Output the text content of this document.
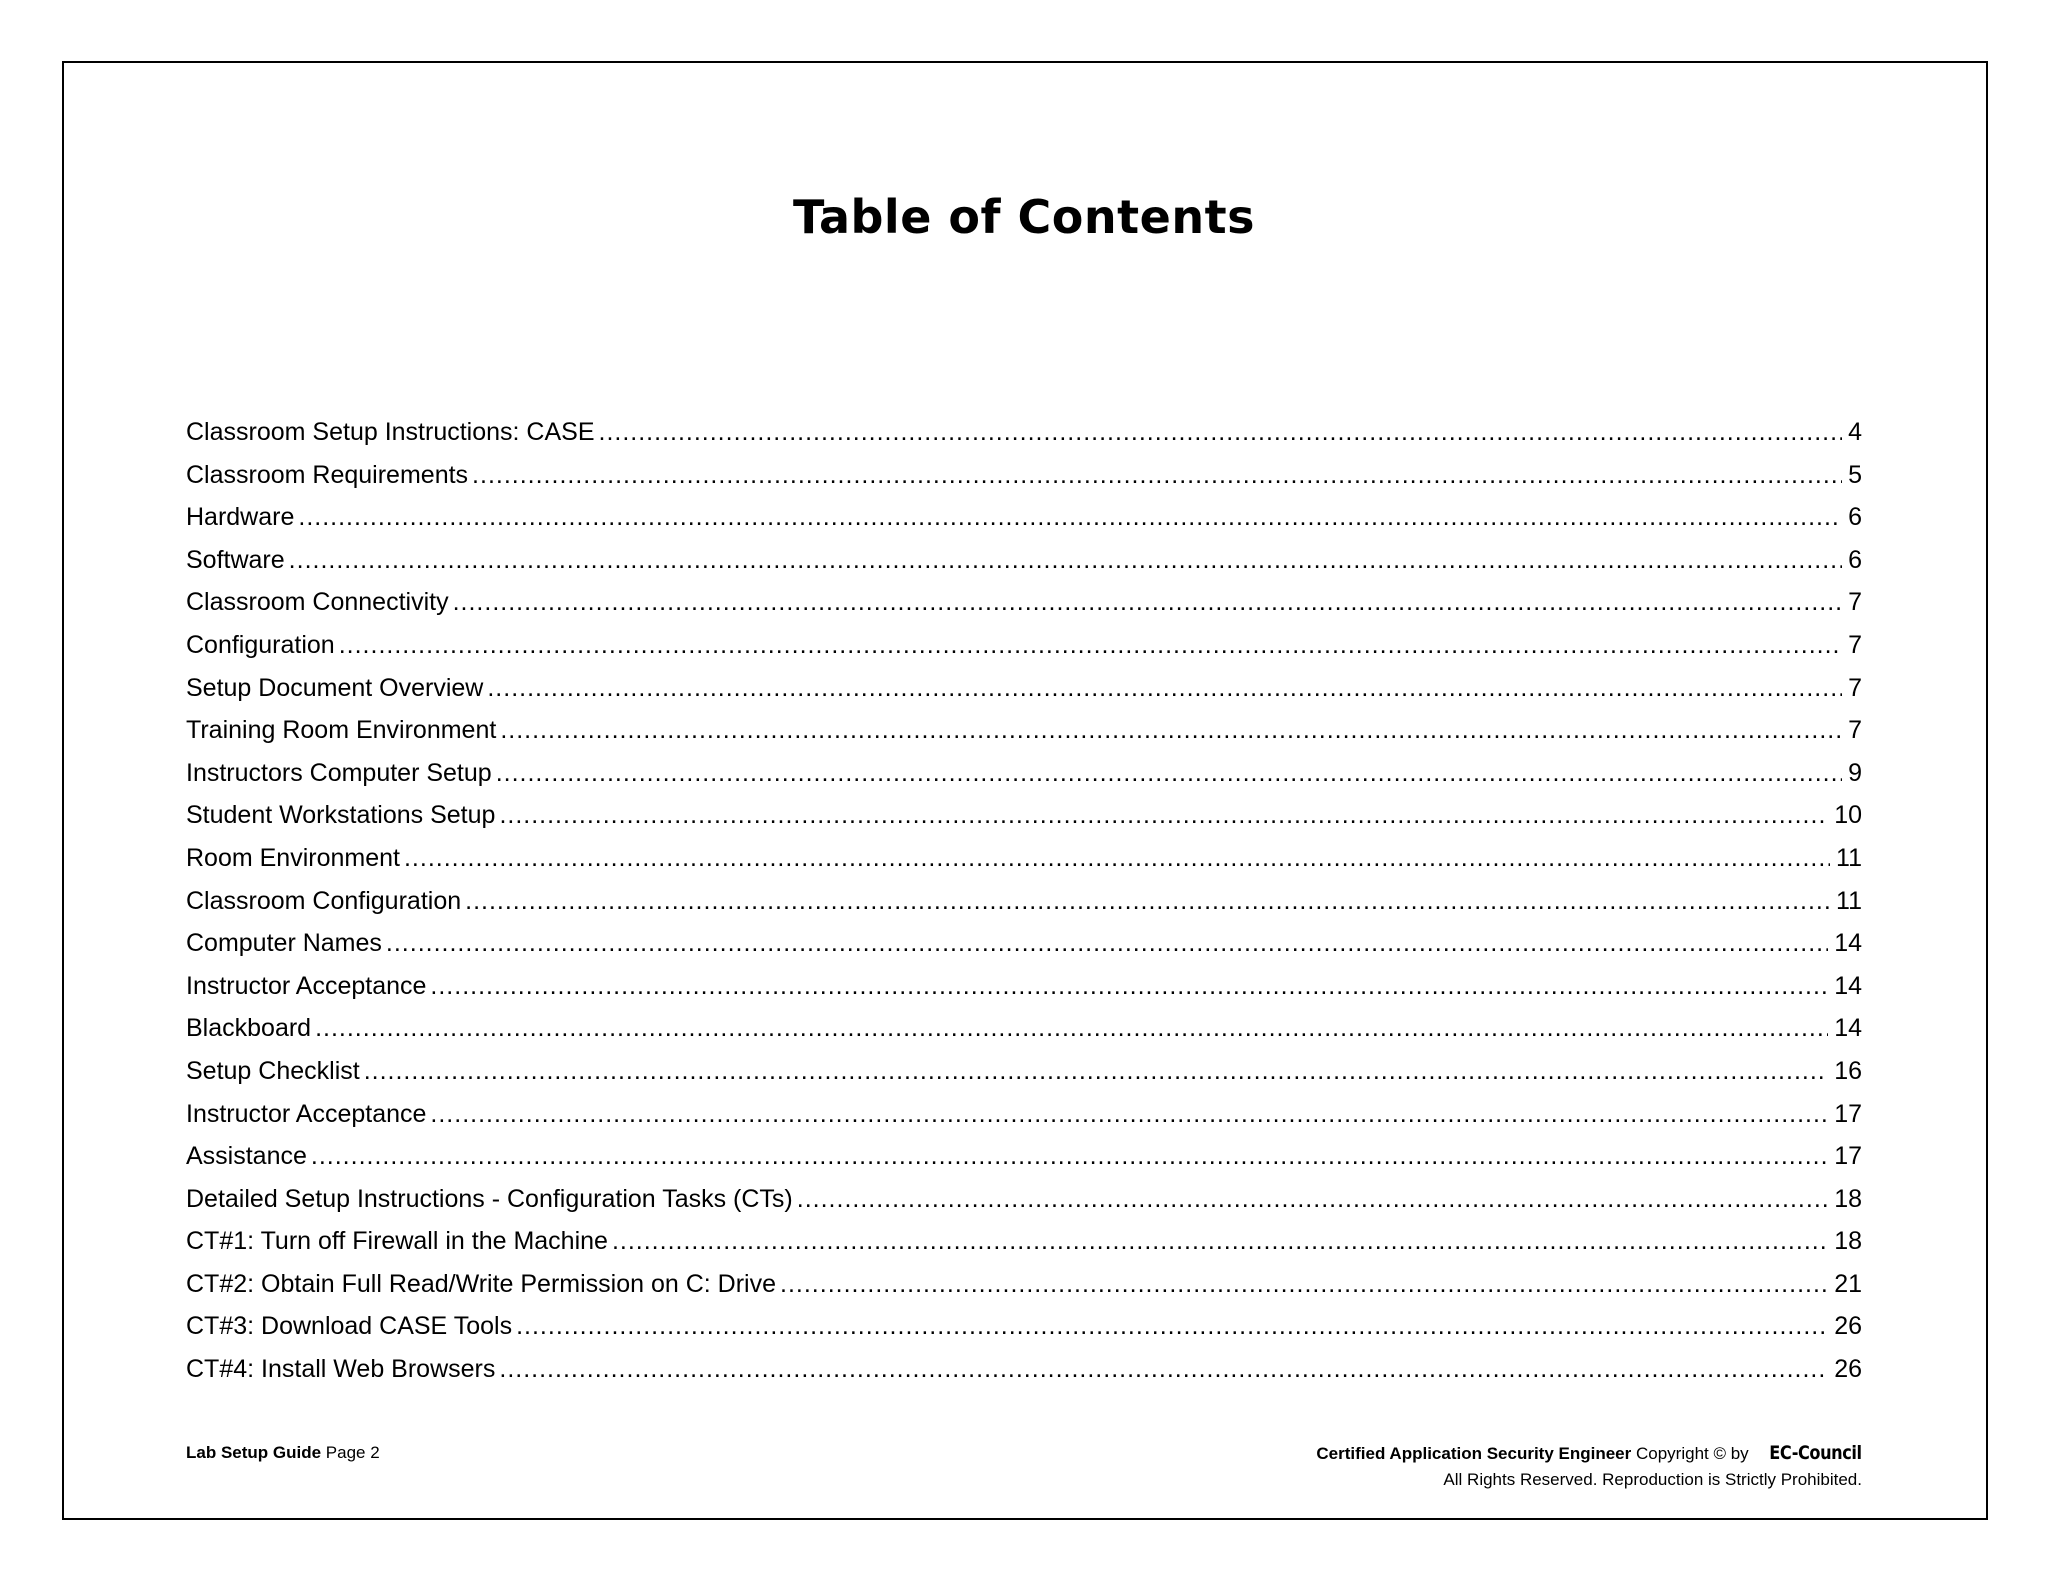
Table of Contents
Classroom Setup Instructions: CASE .....	4
Classroom Requirements .....	5
Hardware .....	6
Software .....	6
Classroom Connectivity .....	7
Configuration .....	7
Setup Document Overview .....	7
Training Room Environment .....	7
Instructors Computer Setup .....	9
Student Workstations Setup .....	10
Room Environment .....	11
Classroom Configuration .....	11
Computer Names .....	14
Instructor Acceptance .....	14
Blackboard .....	14
Setup Checklist .....	16
Instructor Acceptance .....	17
Assistance .....	17
Detailed Setup Instructions - Configuration Tasks (CTs) .....	18
CT#1: Turn off Firewall in the Machine .....	18
CT#2: Obtain Full Read/Write Permission on C: Drive .....	21
CT#3: Download CASE Tools .....	26
CT#4: Install Web Browsers .....	26
Lab Setup Guide Page 2	Certified Application Security Engineer Copyright © by EC-Council
All Rights Reserved. Reproduction is Strictly Prohibited.
